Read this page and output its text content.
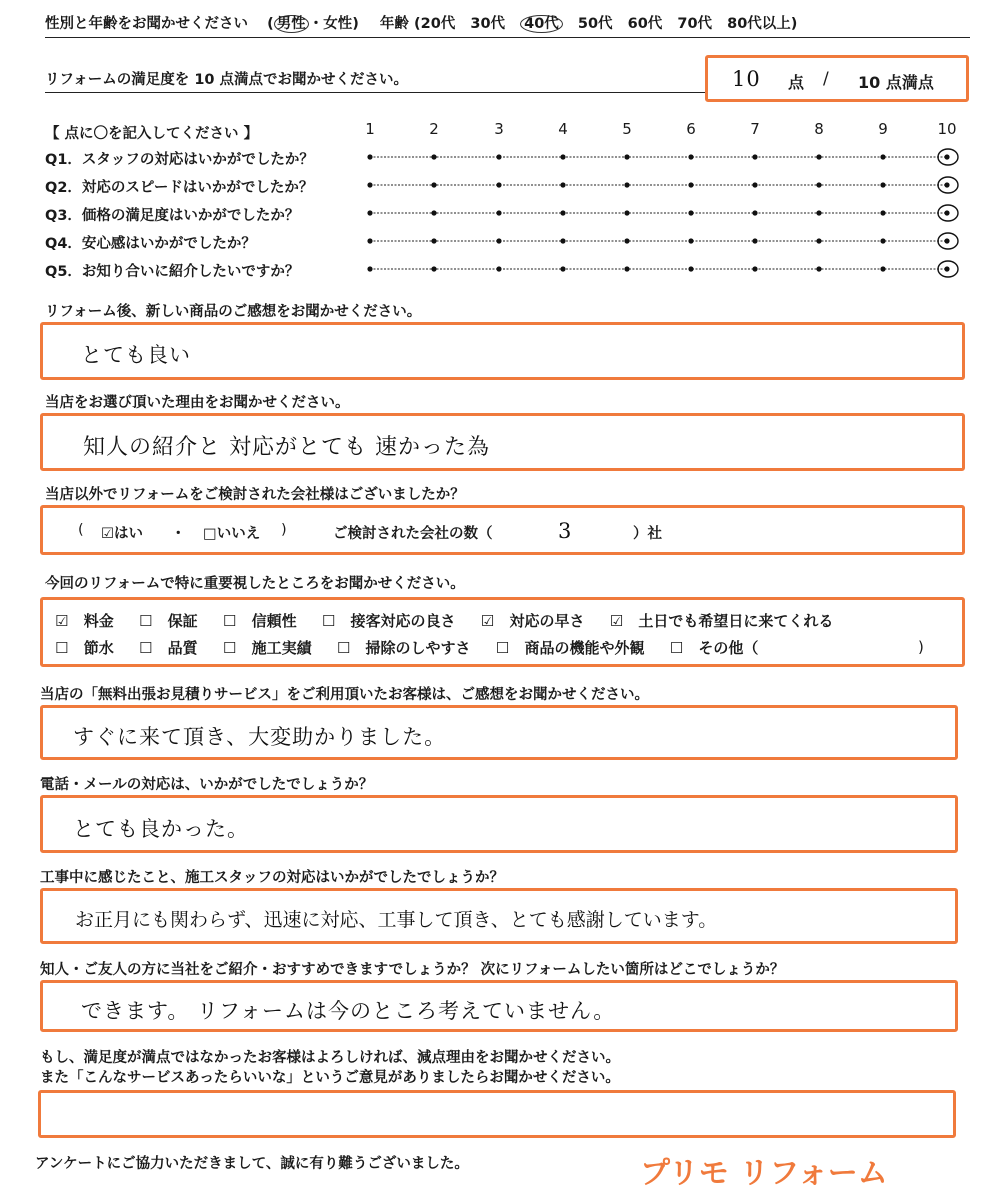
性別と年齢をお聞かせください ( 男性 ・女性) 年齢 (20代 30代 40代 50代 60代 70代 80代以上)
リフォームの満足度を 10 点満点でお聞かせください。	10 点 / 10 点満点
【 点に〇を記入してください 】	1	2	3	4	5	6	7	8	9	10
Q1．スタッフの対応はいかがでしたか？
Q2．対応のスピードはいかがでしたか？
Q3．価格の満足度はいかがでしたか？
Q4．安心感はいかがでしたか？
Q5．お知り合いに紹介したいですか？
リフォーム後、新しい商品のご感想をお聞かせください。
とても良い
当店をお選び頂いた理由をお聞かせください。
知人の紹介と 対応がとても 速かった為
当店以外でリフォームをご検討された会社様はございましたか？
( ☑はい ・ □いいえ )	ご検討された会社の数（	3	）社
今回のリフォームで特に重要視したところをお聞かせください。
☑ 料金 ☐ 保証 ☐ 信頼性 ☐ 接客対応の良さ ☑ 対応の早さ ☑ 土日でも希望日に来てくれる
☐ 節水 ☐ 品質 ☐ 施工実績 ☐ 掃除のしやすさ ☐ 商品の機能や外観 ☐ その他（	)
当店の「無料出張お見積りサービス」をご利用頂いたお客様は、ご感想をお聞かせください。
すぐに来て頂き、大変助かりました。
電話・メールの対応は、いかがでしたでしょうか？
とても良かった。
工事中に感じたこと、施工スタッフの対応はいかがでしたでしょうか？
お正月にも関わらず、迅速に対応、工事して頂き、とても感謝しています。
知人・ご友人の方に当社をご紹介・おすすめできますでしょうか？ 次にリフォームしたい箇所はどこでしょうか？
できます。 リフォームは今のところ考えていません。
もし、満足度が満点ではなかったお客様はよろしければ、減点理由をお聞かせください。
また「こんなサービスあったらいいな」というご意見がありましたらお聞かせください。
アンケートにご協力いただきまして、誠に有り難うございました。	プリモ リフォーム
